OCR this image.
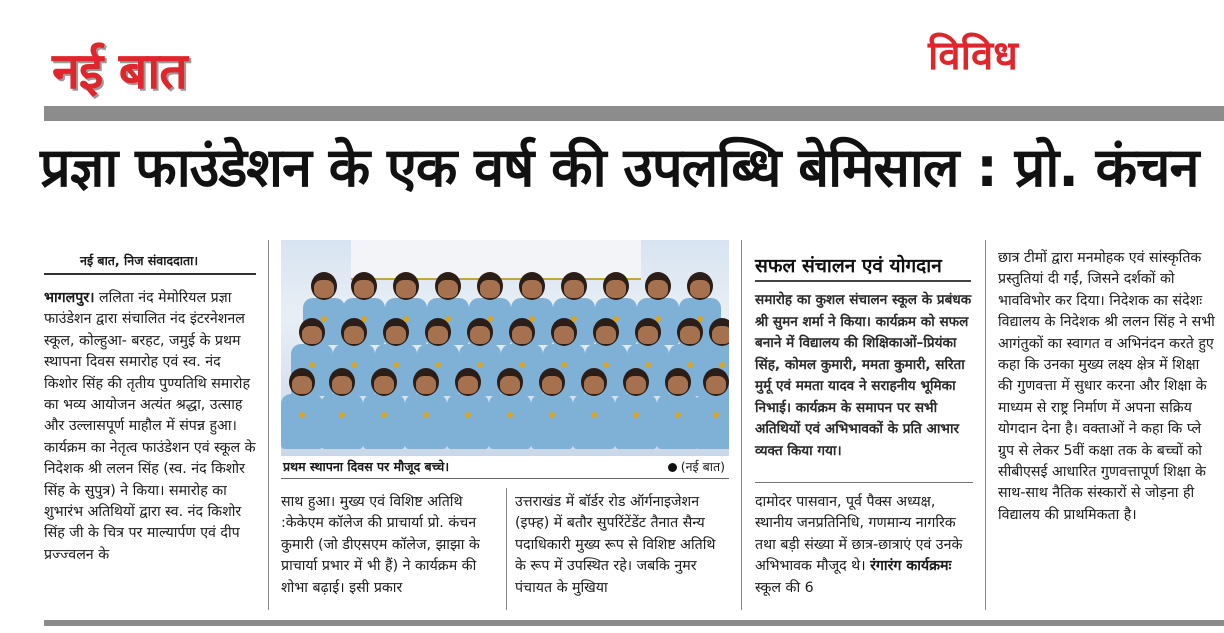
नई बात	विविध
प्रज्ञा फाउंडेशन के एक वर्ष की उपलब्धि बेमिसाल : प्रो. कंचन
नई बात, निज संवाददाता।

भागलपुर। ललिता नंद मेमोरियल प्रज्ञा फाउंडेशन द्वारा संचालित नंद इंटरनेशनल स्कूल, कोल्हुआ- बरहट, जमुई के प्रथम स्थापना दिवस समारोह एवं स्व. नंद किशोर सिंह की तृतीय पुण्यतिथि समारोह का भव्य आयोजन अत्यंत श्रद्धा, उत्साह और उल्लासपूर्ण माहौल में संपन्न हुआ। कार्यक्रम का नेतृत्व फाउंडेशन एवं स्कूल के निदेशक श्री ललन सिंह (स्व. नंद किशोर सिंह के सुपुत्र) ने किया। समारोह का शुभारंभ अतिथियों द्वारा स्व. नंद किशोर सिंह जी के चित्र पर माल्यार्पण एवं दीप प्रज्ज्वलन के

प्रथम स्थापना दिवस पर मौजूद बच्चे।	(नई बात)

साथ हुआ। मुख्य एवं विशिष्ट अतिथि :केकेएम कॉलेज की प्राचार्या प्रो. कंचन कुमारी (जो डीएसएम कॉलेज, झाझा के प्राचार्या प्रभार में भी हैं) ने कार्यक्रम की शोभा बढ़ाई। इसी प्रकार

उत्तराखंड में बॉर्डर रोड ऑर्गनाइजेशन (इफ्ह) में बतौर सुपरिंटेंडेंट तैनात सैन्य पदाधिकारी मुख्य रूप से विशिष्ट अतिथि के रूप में उपस्थित रहे। जबकि नुमर पंचायत के मुखिया

सफल संचालन एवं योगदान

समारोह का कुशल संचालन स्कूल के प्रबंधक श्री सुमन शर्मा ने किया। कार्यक्रम को सफल बनाने में विद्यालय की शिक्षिकाओं–प्रियंका सिंह, कोमल कुमारी, ममता कुमारी, सरिता मुर्मू एवं ममता यादव ने सराहनीय भूमिका निभाई। कार्यक्रम के समापन पर सभी अतिथियों एवं अभिभावकों के प्रति आभार व्यक्त किया गया।

दामोदर पासवान, पूर्व पैक्स अध्यक्ष, स्थानीय जनप्रतिनिधि, गणमान्य नागरिक तथा बड़ी संख्या में छात्र-छात्राएं एवं उनके अभिभावक मौजूद थे। रंगारंग कार्यक्रमः स्कूल की 6

छात्र टीमों द्वारा मनमोहक एवं सांस्कृतिक प्रस्तुतियां दी गईं, जिसने दर्शकों को भावविभोर कर दिया। निदेशक का संदेशः विद्यालय के निदेशक श्री ललन सिंह ने सभी आगंतुकों का स्वागत व अभिनंदन करते हुए कहा कि उनका मुख्य लक्ष्य क्षेत्र में शिक्षा की गुणवत्ता में सुधार करना और शिक्षा के माध्यम से राष्ट्र निर्माण में अपना सक्रिय योगदान देना है। वक्ताओं ने कहा कि प्ले ग्रुप से लेकर 5वीं कक्षा तक के बच्चों को सीबीएसई आधारित गुणवत्तापूर्ण शिक्षा के साथ-साथ नैतिक संस्कारों से जोड़ना ही विद्यालय की प्राथमिकता है।
